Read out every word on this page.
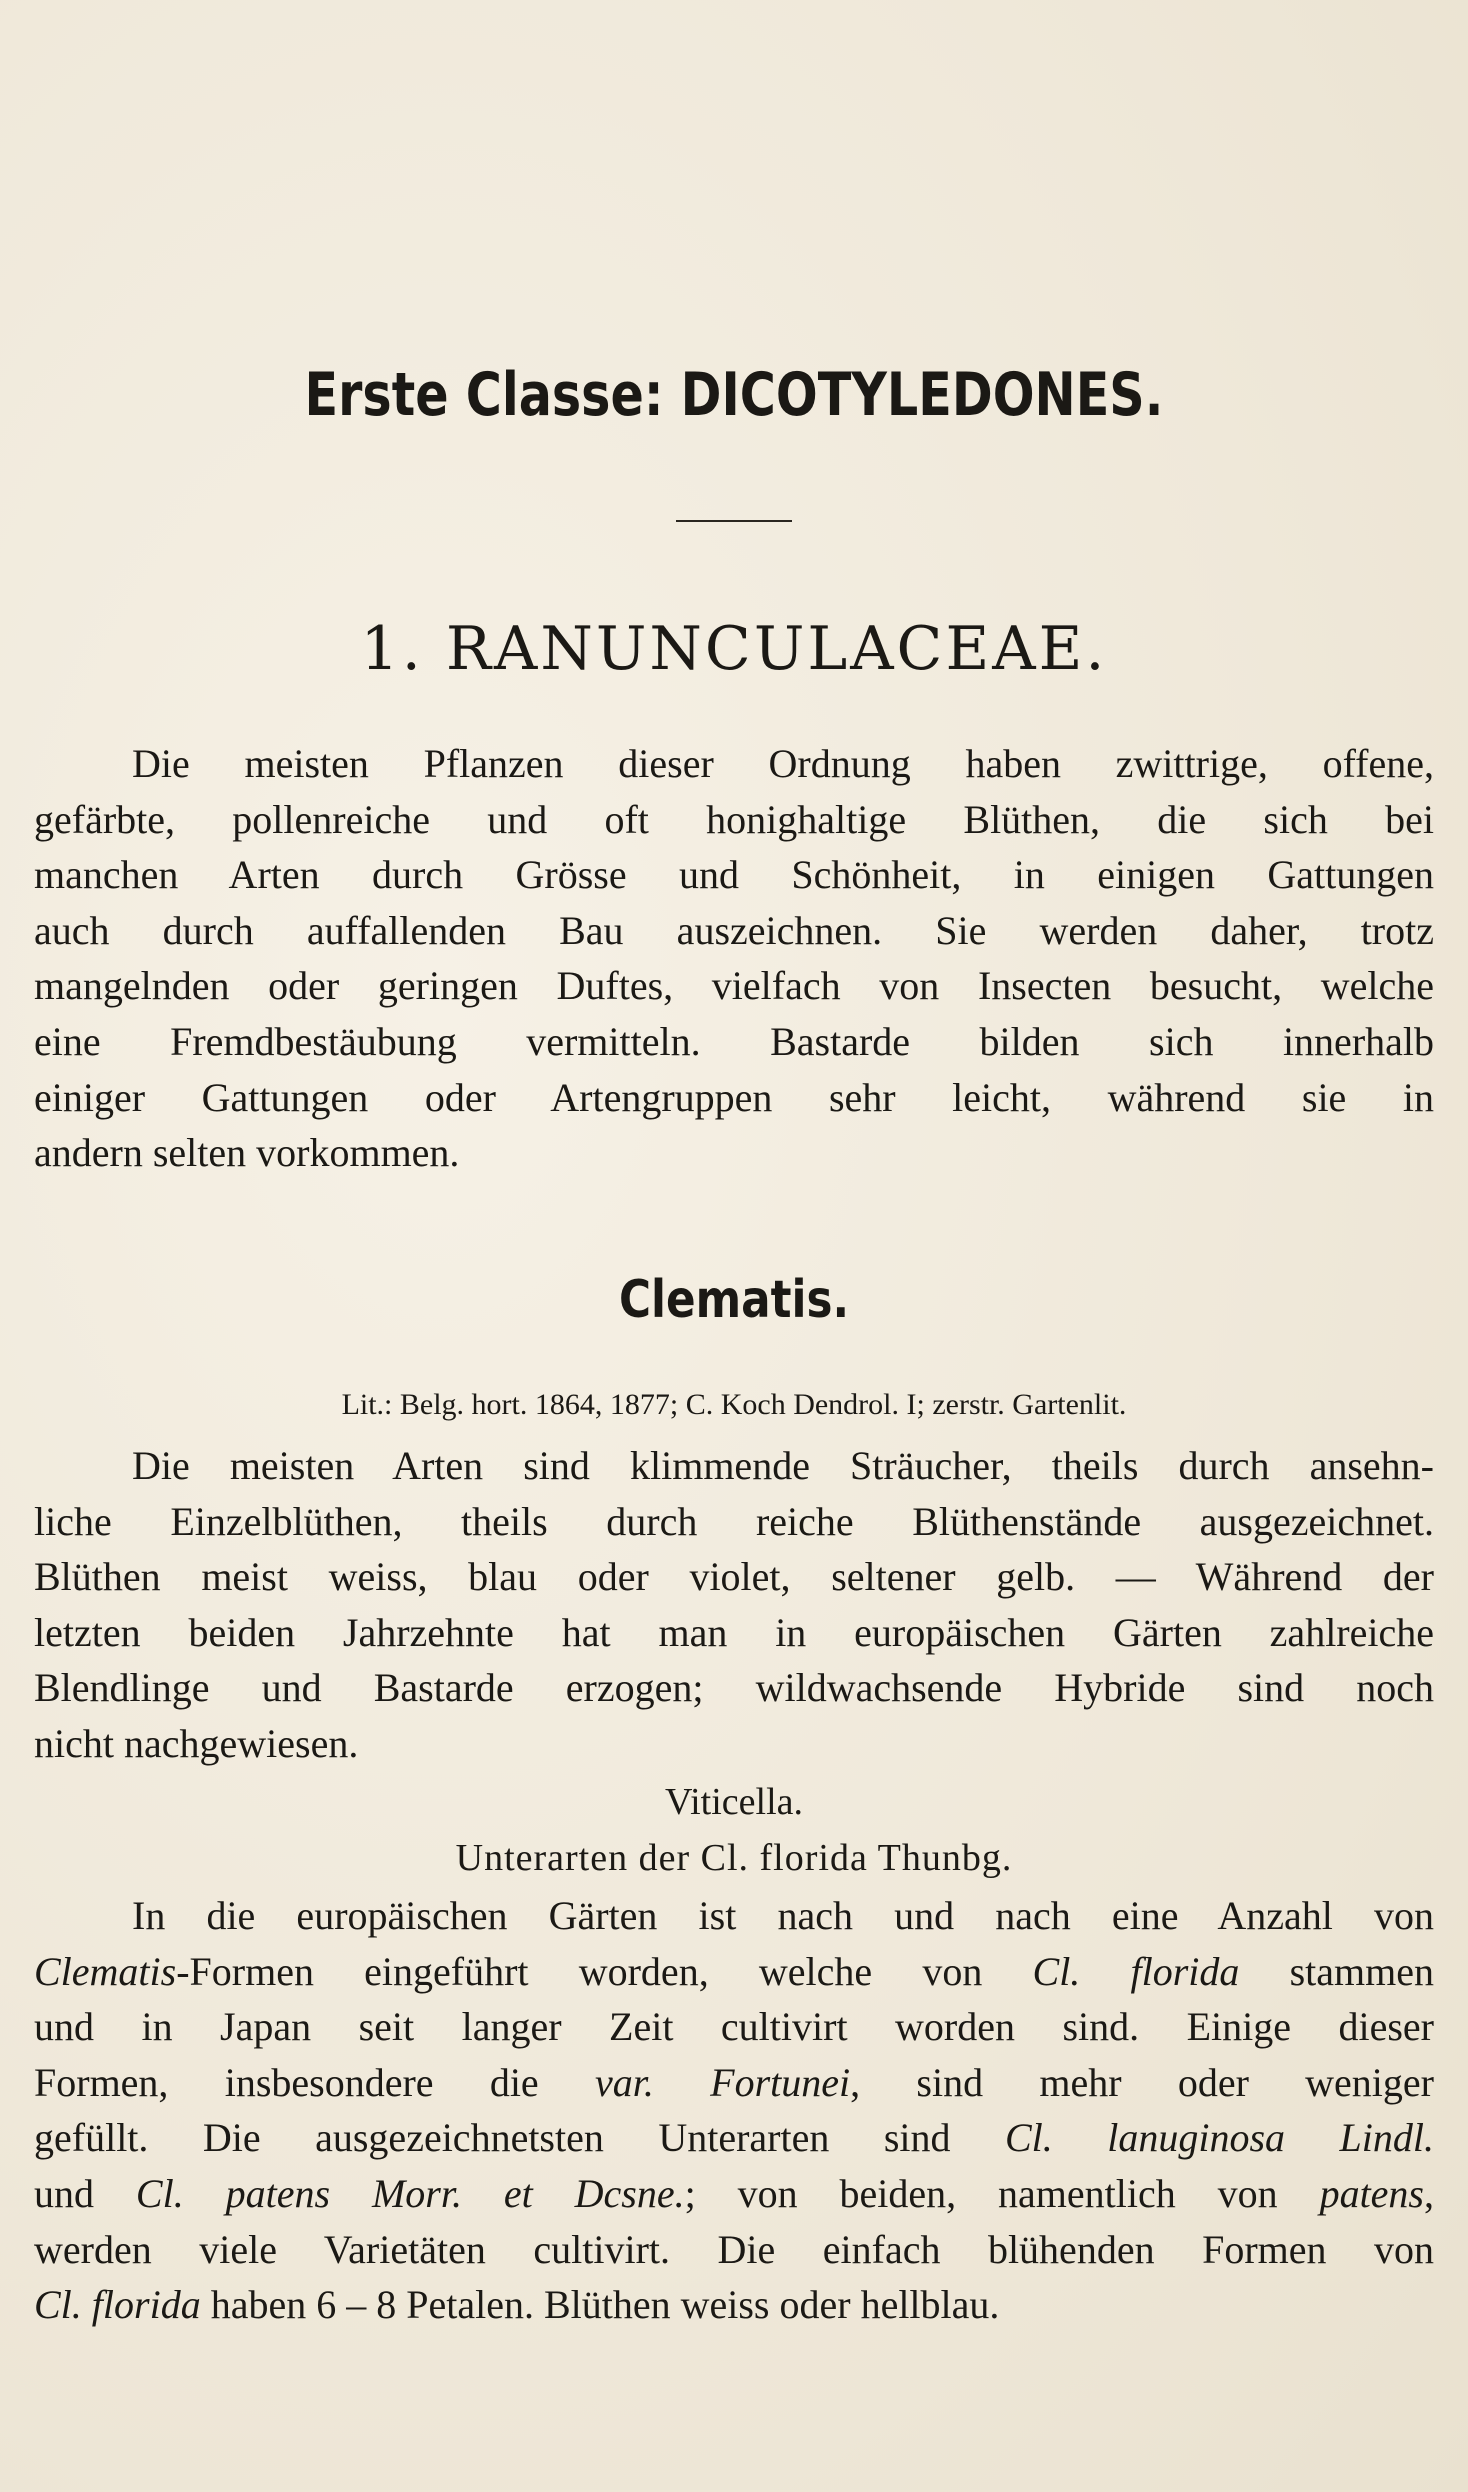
Erste Classe: DICOTYLEDONES.
1. RANUNCULACEAE.
Die meisten Pflanzen dieser Ordnung haben zwittrige, offene,
gefärbte, pollenreiche und oft honighaltige Blüthen, die sich bei
manchen Arten durch Grösse und Schönheit, in einigen Gattungen
auch durch auffallenden Bau auszeichnen. Sie werden daher, trotz
mangelnden oder geringen Duftes, vielfach von Insecten besucht, welche
eine Fremdbestäubung vermitteln. Bastarde bilden sich innerhalb
einiger Gattungen oder Artengruppen sehr leicht, während sie in
andern selten vorkommen.
Clematis.
Lit.: Belg. hort. 1864, 1877; C. Koch Dendrol. I; zerstr. Gartenlit.
Die meisten Arten sind klimmende Sträucher, theils durch ansehn-
liche Einzelblüthen, theils durch reiche Blüthenstände ausgezeichnet.
Blüthen meist weiss, blau oder violet, seltener gelb. — Während der
letzten beiden Jahrzehnte hat man in europäischen Gärten zahlreiche
Blendlinge und Bastarde erzogen; wildwachsende Hybride sind noch
nicht nachgewiesen.
Viticella.
Unterarten der Cl. florida Thunbg.
In die europäischen Gärten ist nach und nach eine Anzahl von
Clematis-Formen eingeführt worden, welche von Cl. florida stammen
und in Japan seit langer Zeit cultivirt worden sind. Einige dieser
Formen, insbesondere die var. Fortunei, sind mehr oder weniger
gefüllt. Die ausgezeichnetsten Unterarten sind Cl. lanuginosa Lindl.
und Cl. patens Morr. et Dcsne.; von beiden, namentlich von patens,
werden viele Varietäten cultivirt. Die einfach blühenden Formen von
Cl. florida haben 6 – 8 Petalen. Blüthen weiss oder hellblau.
